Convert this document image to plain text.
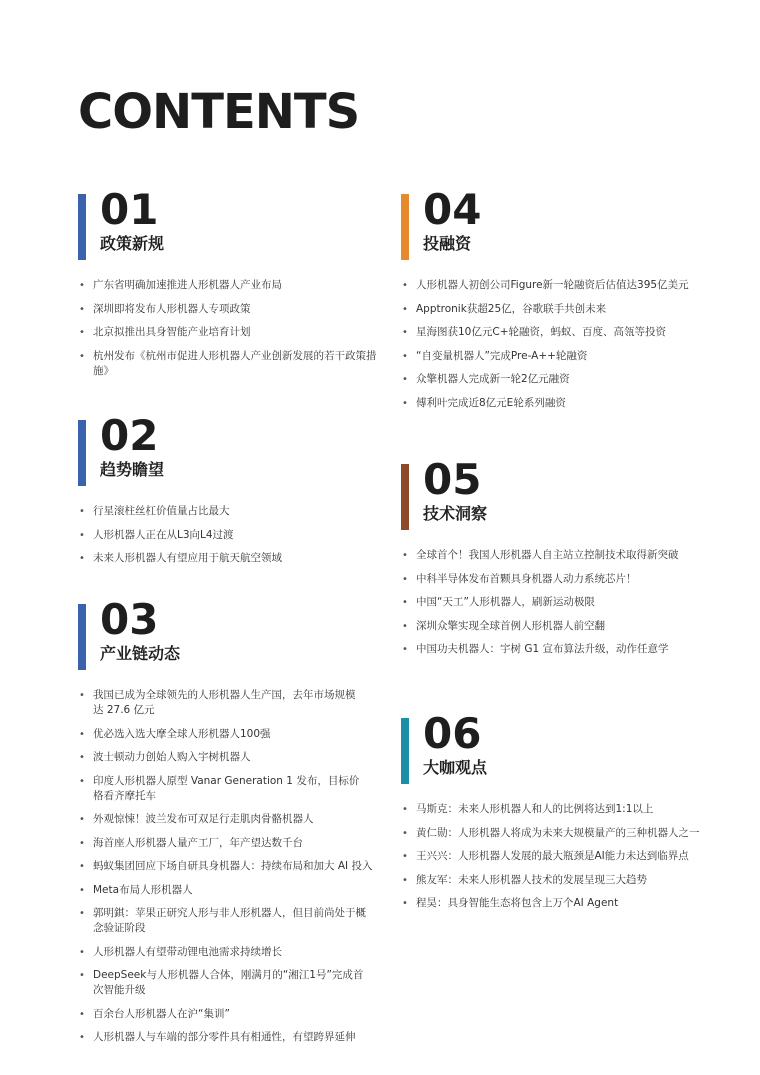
CONTENTS
01
政策新规
• 广东省明确加速推进人形机器人产业布局
• 深圳即将发布人形机器人专项政策
• 北京拟推出具身智能产业培育计划
• 杭州发布《杭州市促进人形机器人产业创新发展的若干政策措施》
02
趋势瞻望
• 行星滚柱丝杠价值量占比最大
• 人形机器人正在从L3向L4过渡
• 未来人形机器人有望应用于航天航空领域
03
产业链动态
• 我国已成为全球领先的人形机器人生产国，去年市场规模达 27.6 亿元
• 优必选入选大摩全球人形机器人100强
• 波士顿动力创始人购入宇树机器人
• 印度人形机器人原型 Vanar Generation 1 发布，目标价格看齐摩托车
• 外观惊悚！波兰发布可双足行走肌肉骨骼机器人
• 海首座人形机器人量产工厂，年产望达数千台
• 蚂蚁集团回应下场自研具身机器人：持续布局和加大 AI 投入
• Meta布局人形机器人
• 郭明錤：苹果正研究人形与非人形机器人，但目前尚处于概念验证阶段
• 人形机器人有望带动锂电池需求持续增长
• DeepSeek与人形机器人合体，刚满月的“湘江1号”完成首次智能升级
• 百余台人形机器人在沪“集训”
• 人形机器人与车端的部分零件具有相通性，有望跨界延伸
04
投融资
• 人形机器人初创公司Figure新一轮融资后估值达395亿美元
• Apptronik获超25亿，谷歌联手共创未来
• 星海图获10亿元C+轮融资，蚂蚁、百度、高瓴等投资
• “自变量机器人”完成Pre-A++轮融资
• 众擎机器人完成新一轮2亿元融资
• 傅利叶完成近8亿元E轮系列融资
05
技术洞察
• 全球首个！我国人形机器人自主站立控制技术取得新突破
• 中科半导体发布首颗具身机器人动力系统芯片！
• 中国“天工”人形机器人，刷新运动极限
• 深圳众擎实现全球首例人形机器人前空翻
• 中国功夫机器人：宇树 G1 宣布算法升级，动作任意学
06
大咖观点
• 马斯克：未来人形机器人和人的比例将达到1:1以上
• 黄仁勋：人形机器人将成为未来大规模量产的三种机器人之一
• 王兴兴：人形机器人发展的最大瓶颈是AI能力未达到临界点
• 熊友军：未来人形机器人技术的发展呈现三大趋势
• 程昊：具身智能生态将包含上万个AI Agent
